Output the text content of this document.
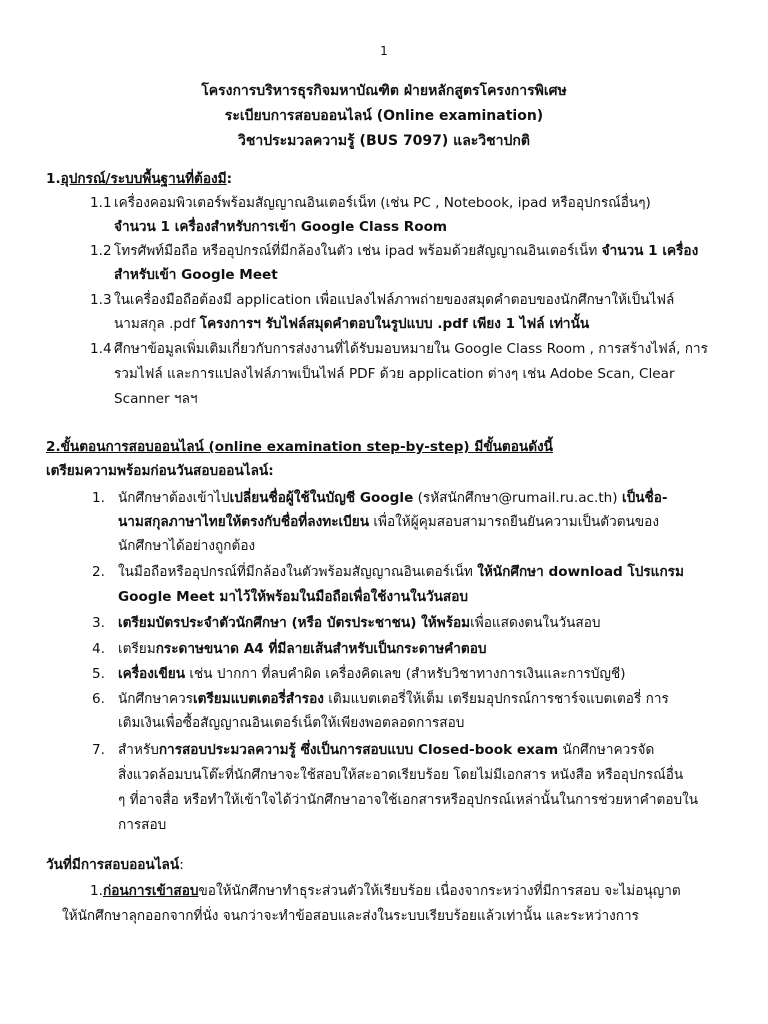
1
โครงการบริหารธุรกิจมหาบัณฑิต ฝ่ายหลักสูตรโครงการพิเศษ
ระเบียบการสอบออนไลน์ (Online examination)
วิชาประมวลความรู้ (BUS 7097) และวิชาปกติ
1.อุปกรณ์/ระบบพื้นฐานที่ต้องมี:
1.1 เครื่องคอมพิวเตอร์พร้อมสัญญาณอินเตอร์เน็ท (เช่น PC , Notebook, ipad หรืออุปกรณ์อื่นๆ)
จำนวน 1 เครื่องสำหรับการเข้า Google Class Room
1.2 โทรศัพท์มือถือ หรืออุปกรณ์ที่มีกล้องในตัว เช่น ipad พร้อมด้วยสัญญาณอินเตอร์เน็ท จำนวน 1 เครื่อง
สำหรับเข้า Google Meet
1.3 ในเครื่องมือถือต้องมี application เพื่อแปลงไฟล์ภาพถ่ายของสมุดคำตอบของนักศึกษาให้เป็นไฟล์
นามสกุล .pdf โครงการฯ รับไฟล์สมุดคำตอบในรูปแบบ .pdf เพียง 1 ไฟล์ เท่านั้น
1.4 ศึกษาข้อมูลเพิ่มเติมเกี่ยวกับการส่งงานที่ได้รับมอบหมายใน Google Class Room , การสร้างไฟล์, การ
รวมไฟล์ และการแปลงไฟล์ภาพเป็นไฟล์ PDF ด้วย application ต่างๆ เช่น Adobe Scan, Clear
Scanner ฯลฯ
2.ขั้นตอนการสอบออนไลน์ (online examination step-by-step) มีขั้นตอนดังนี้
เตรียมความพร้อมก่อนวันสอบออนไลน์:
1. นักศึกษาต้องเข้าไปเปลี่ยนชื่อผู้ใช้ในบัญชี Google (รหัสนักศึกษา@rumail.ru.ac.th) เป็นชื่อ-
นามสกุลภาษาไทยให้ตรงกับชื่อที่ลงทะเบียน เพื่อให้ผู้คุมสอบสามารถยืนยันความเป็นตัวตนของ
นักศึกษาได้อย่างถูกต้อง
2. ในมือถือหรืออุปกรณ์ที่มีกล้องในตัวพร้อมสัญญาณอินเตอร์เน็ท ให้นักศึกษา download โปรแกรม
Google Meet มาไว้ให้พร้อมในมือถือเพื่อใช้งานในวันสอบ
3. เตรียมบัตรประจำตัวนักศึกษา (หรือ บัตรประชาชน) ให้พร้อมเพื่อแสดงตนในวันสอบ
4. เตรียมกระดาษขนาด A4 ที่มีลายเส้นสำหรับเป็นกระดาษคำตอบ
5. เครื่องเขียน เช่น ปากกา ที่ลบคำผิด เครื่องคิดเลข (สำหรับวิชาทางการเงินและการบัญชี)
6. นักศึกษาควรเตรียมแบตเตอรี่สำรอง เติมแบตเตอรี่ให้เต็ม เตรียมอุปกรณ์การชาร์จแบตเตอรี่ การ
เติมเงินเพื่อซื้อสัญญาณอินเตอร์เน็ตให้เพียงพอตลอดการสอบ
7. สำหรับการสอบประมวลความรู้ ซึ่งเป็นการสอบแบบ Closed-book exam นักศึกษาควรจัด
สิ่งแวดล้อมบนโต๊ะที่นักศึกษาจะใช้สอบให้สะอาดเรียบร้อย โดยไม่มีเอกสาร หนังสือ หรืออุปกรณ์อื่น
ๆ ที่อาจสื่อ หรือทำให้เข้าใจได้ว่านักศึกษาอาจใช้เอกสารหรืออุปกรณ์เหล่านั้นในการช่วยหาคำตอบใน
การสอบ
วันที่มีการสอบออนไลน์:
1.ก่อนการเข้าสอบขอให้นักศึกษาทำธุระส่วนตัวให้เรียบร้อย เนื่องจากระหว่างที่มีการสอบ จะไม่อนุญาต
ให้นักศึกษาลุกออกจากที่นั่ง จนกว่าจะทำข้อสอบและส่งในระบบเรียบร้อยแล้วเท่านั้น และระหว่างการ
